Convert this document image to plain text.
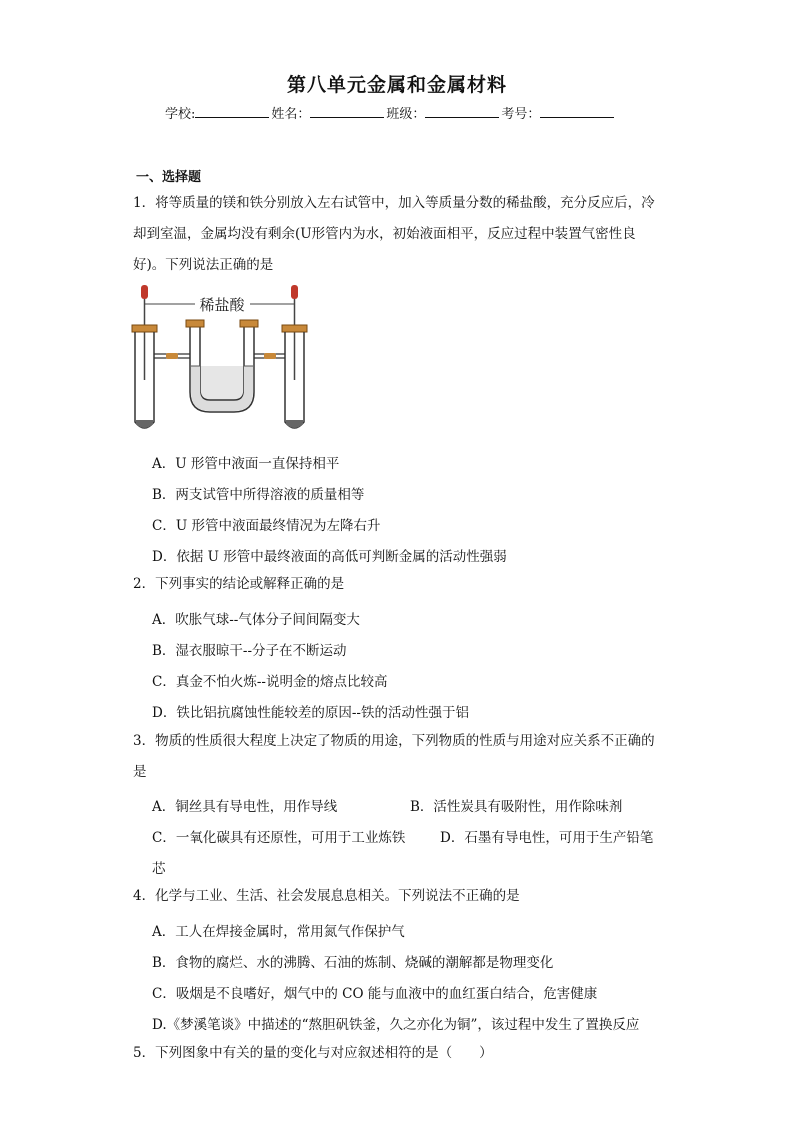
第八单元金属和金属材料
学校:	姓名：	班级：	考号：
一、选择题
1．将等质量的镁和铁分别放入左右试管中，加入等质量分数的稀盐酸，充分反应后，冷却到室温，金属均没有剩余(U形管内为水，初始液面相平，反应过程中装置气密性良好)。下列说法正确的是
稀盐酸
A．U 形管中液面一直保持相平
B．两支试管中所得溶液的质量相等
C．U 形管中液面最终情况为左降右升
D．依据 U 形管中最终液面的高低可判断金属的活动性强弱
2．下列事实的结论或解释正确的是
A．吹胀气球--气体分子间间隔变大
B．湿衣服晾干--分子在不断运动
C．真金不怕火炼--说明金的熔点比较高
D．铁比铝抗腐蚀性能较差的原因--铁的活动性强于铝
3．物质的性质很大程度上决定了物质的用途，下列物质的性质与用途对应关系不正确的是
A．铜丝具有导电性，用作导线	B．活性炭具有吸附性，用作除味剂
C．一氧化碳具有还原性，可用于工业炼铁	D．石墨有导电性，可用于生产铅笔
芯
4．化学与工业、生活、社会发展息息相关。下列说法不正确的是
A．工人在焊接金属时，常用氮气作保护气
B．食物的腐烂、水的沸腾、石油的炼制、烧碱的潮解都是物理变化
C．吸烟是不良嗜好，烟气中的 CO 能与血液中的血红蛋白结合，危害健康
D.《梦溪笔谈》中描述的“熬胆矾铁釜，久之亦化为铜”，该过程中发生了置换反应
5．下列图象中有关的量的变化与对应叙述相符的是（　　）
